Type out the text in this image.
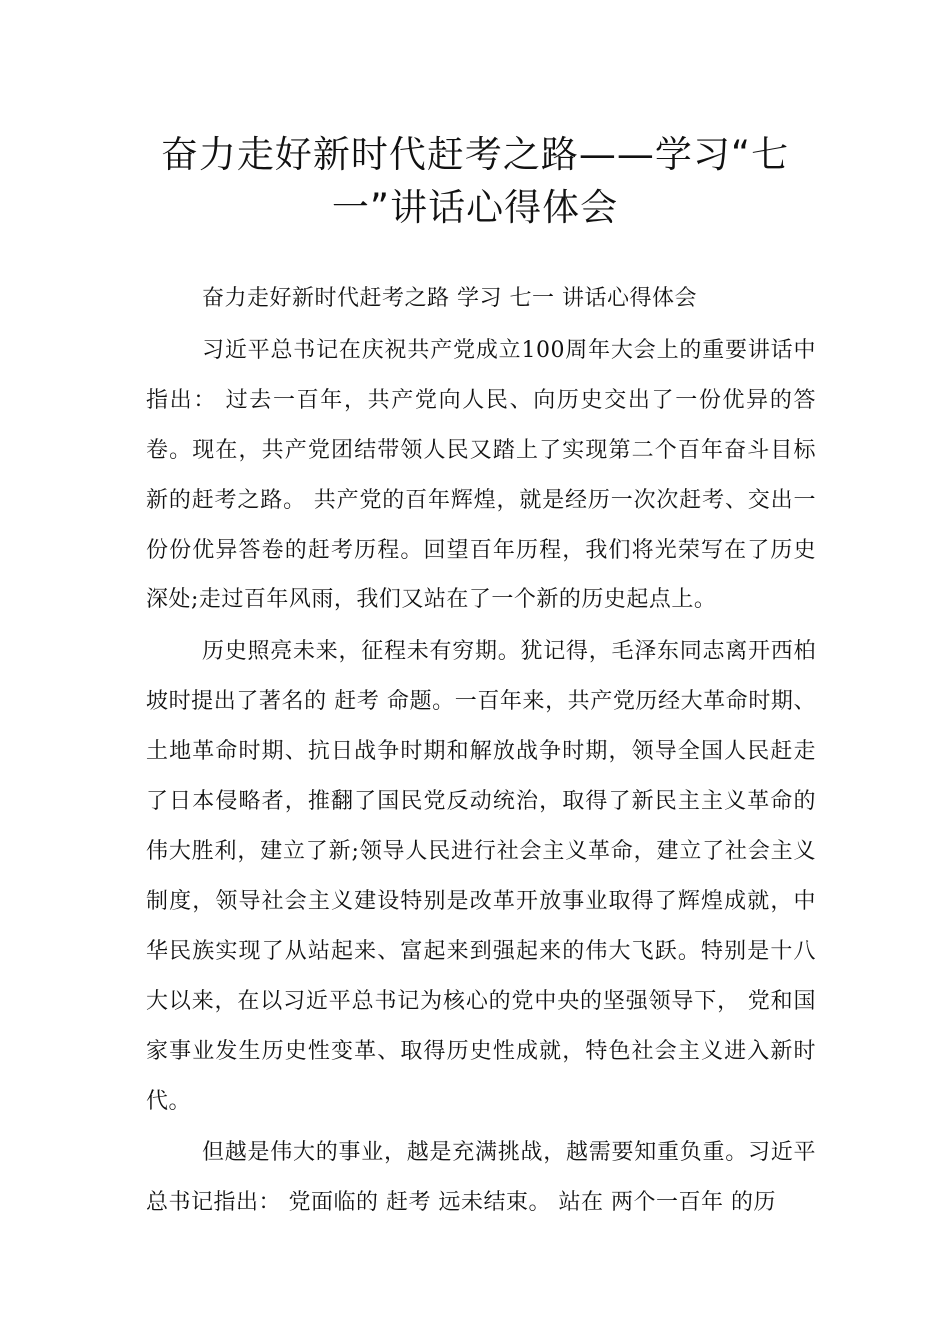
奋力走好新时代赶考之路——学习“七
一”讲话心得体会

奋力走好新时代赶考之路 学习 七一 讲话心得体会

习近平总书记在庆祝共产党成立100周年大会上的重要讲话中指出： 过去一百年，共产党向人民、向历史交出了一份优异的答卷。现在，共产党团结带领人民又踏上了实现第二个百年奋斗目标新的赶考之路。 共产党的百年辉煌，就是经历一次次赶考、交出一份份优异答卷的赶考历程。回望百年历程，我们将光荣写在了历史深处;走过百年风雨，我们又站在了一个新的历史起点上。

历史照亮未来，征程未有穷期。犹记得，毛泽东同志离开西柏坡时提出了著名的 赶考 命题。一百年来，共产党历经大革命时期、土地革命时期、抗日战争时期和解放战争时期，领导全国人民赶走了日本侵略者，推翻了国民党反动统治，取得了新民主主义革命的伟大胜利，建立了新;领导人民进行社会主义革命，建立了社会主义制度，领导社会主义建设特别是改革开放事业取得了辉煌成就，中华民族实现了从站起来、富起来到强起来的伟大飞跃。特别是十八大以来，在以习近平总书记为核心的党中央的坚强领导下， 党和国家事业发生历史性变革、取得历史性成就，特色社会主义进入新时代。

但越是伟大的事业，越是充满挑战，越需要知重负重。习近平总书记指出： 党面临的 赶考 远未结束。 站在 两个一百年 的历
